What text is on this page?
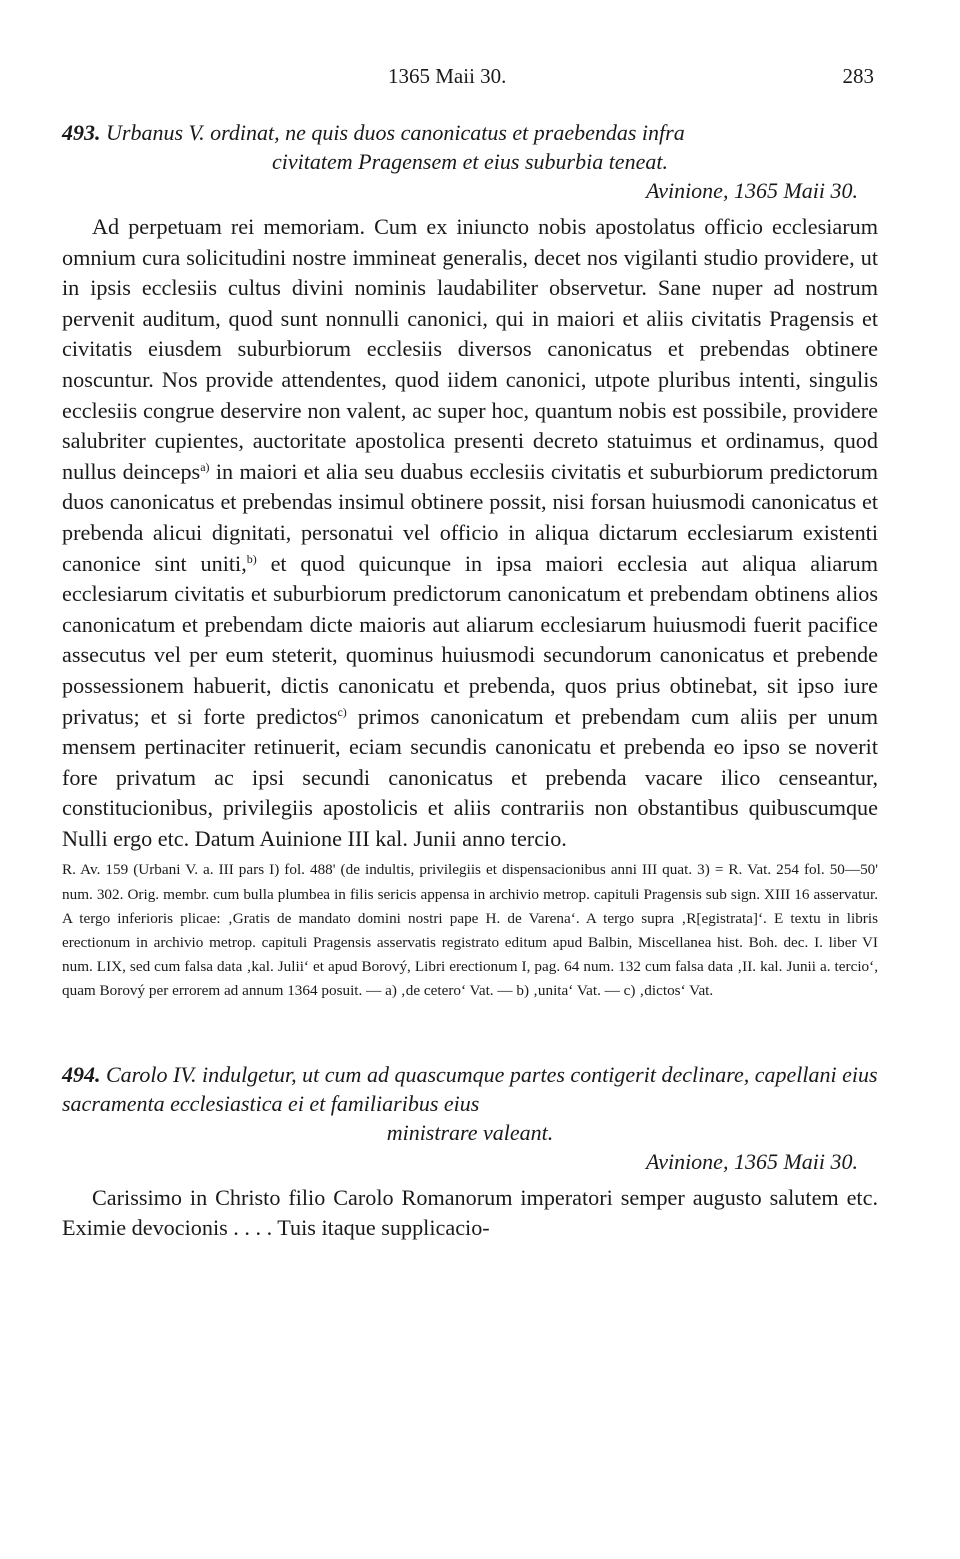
1365 Maii 30.	283
493. Urbanus V. ordinat, ne quis duos canonicatus et praebendas infra
civitatem Pragensem et eius suburbia teneat.
Avinione, 1365 Maii 30.

Ad perpetuam rei memoriam. Cum ex iniuncto nobis apostolatus officio ecclesiarum omnium cura solicitudini nostre immineat generalis, decet nos vigilanti studio providere, ut in ipsis ecclesiis cultus divini nominis laudabiliter observetur. Sane nuper ad nostrum pervenit auditum, quod sunt nonnulli canonici, qui in maiori et aliis civitatis Pragensis et civitatis eiusdem suburbiorum ecclesiis diversos canonicatus et prebendas obtinere noscuntur. Nos provide attendentes, quod iidem canonici, utpote pluribus intenti, singulis ecclesiis congrue deservire non valent, ac super hoc, quantum nobis est possibile, providere salubriter cupientes, auctoritate apostolica presenti decreto statuimus et ordinamus, quod nullus deinceps$^{a)}$ in maiori et alia seu duabus ecclesiis civitatis et suburbiorum predictorum duos canonicatus et prebendas insimul obtinere possit, nisi forsan huiusmodi canonicatus et prebenda alicui dignitati, personatui vel officio in aliqua dictarum ecclesiarum existenti canonice sint uniti,$^{b)}$ et quod quicunque in ipsa maiori ecclesia aut aliqua aliarum ecclesiarum civitatis et suburbiorum predictorum canonicatum et prebendam obtinens alios canonicatum et prebendam dicte maioris aut aliarum ecclesiarum huiusmodi fuerit pacifice assecutus vel per eum steterit, quominus huiusmodi secundorum canonicatus et prebende possessionem habuerit, dictis canonicatu et prebenda, quos prius obtinebat, sit ipso iure privatus; et si forte predictos$^{c)}$ primos canonicatum et prebendam cum aliis per unum mensem pertinaciter retinuerit, eciam secundis canonicatu et prebenda eo ipso se noverit fore privatum ac ipsi secundi canonicatus et prebenda vacare ilico censeantur, constitucionibus, privilegiis apostolicis et aliis contrariis non obstantibus quibuscumque Nulli ergo etc. Datum Auinione III kal. Junii anno tercio.

R. Av. 159 (Urbani V. a. III pars I) fol. 488' (de indultis, privilegiis et dispensacionibus anni III quat. 3) = R. Vat. 254 fol. 50—50' num. 302. Orig. membr. cum bulla plumbea in filis sericis appensa in archivio metrop. capituli Pragensis sub sign. XIII 16 asservatur. A tergo inferioris plicae: ‚Gratis de mandato domini nostri pape H. de Varena‘. A tergo supra ‚R[egistrata]‘. E textu in libris erectionum in archivio metrop. capituli Pragensis asservatis registrato editum apud Balbin, Miscellanea hist. Boh. dec. I. liber VI num. LIX, sed cum falsa data ‚kal. Julii‘ et apud Borový, Libri erectionum I, pag. 64 num. 132 cum falsa data ‚II. kal. Junii a. tercio‘, quam Borový per errorem ad annum 1364 posuit. — a) ‚de cetero‘ Vat. — b) ‚unita‘ Vat. — c) ‚dictos‘ Vat.
494. Carolo IV. indulgetur, ut cum ad quascumque partes contigerit declinare, capellani eius sacramenta ecclesiastica ei et familiaribus eius
ministrare valeant.
Avinione, 1365 Maii 30.

Carissimo in Christo filio Carolo Romanorum imperatori semper augusto salutem etc. Eximie devocionis . . . . Tuis itaque supplicacio-
